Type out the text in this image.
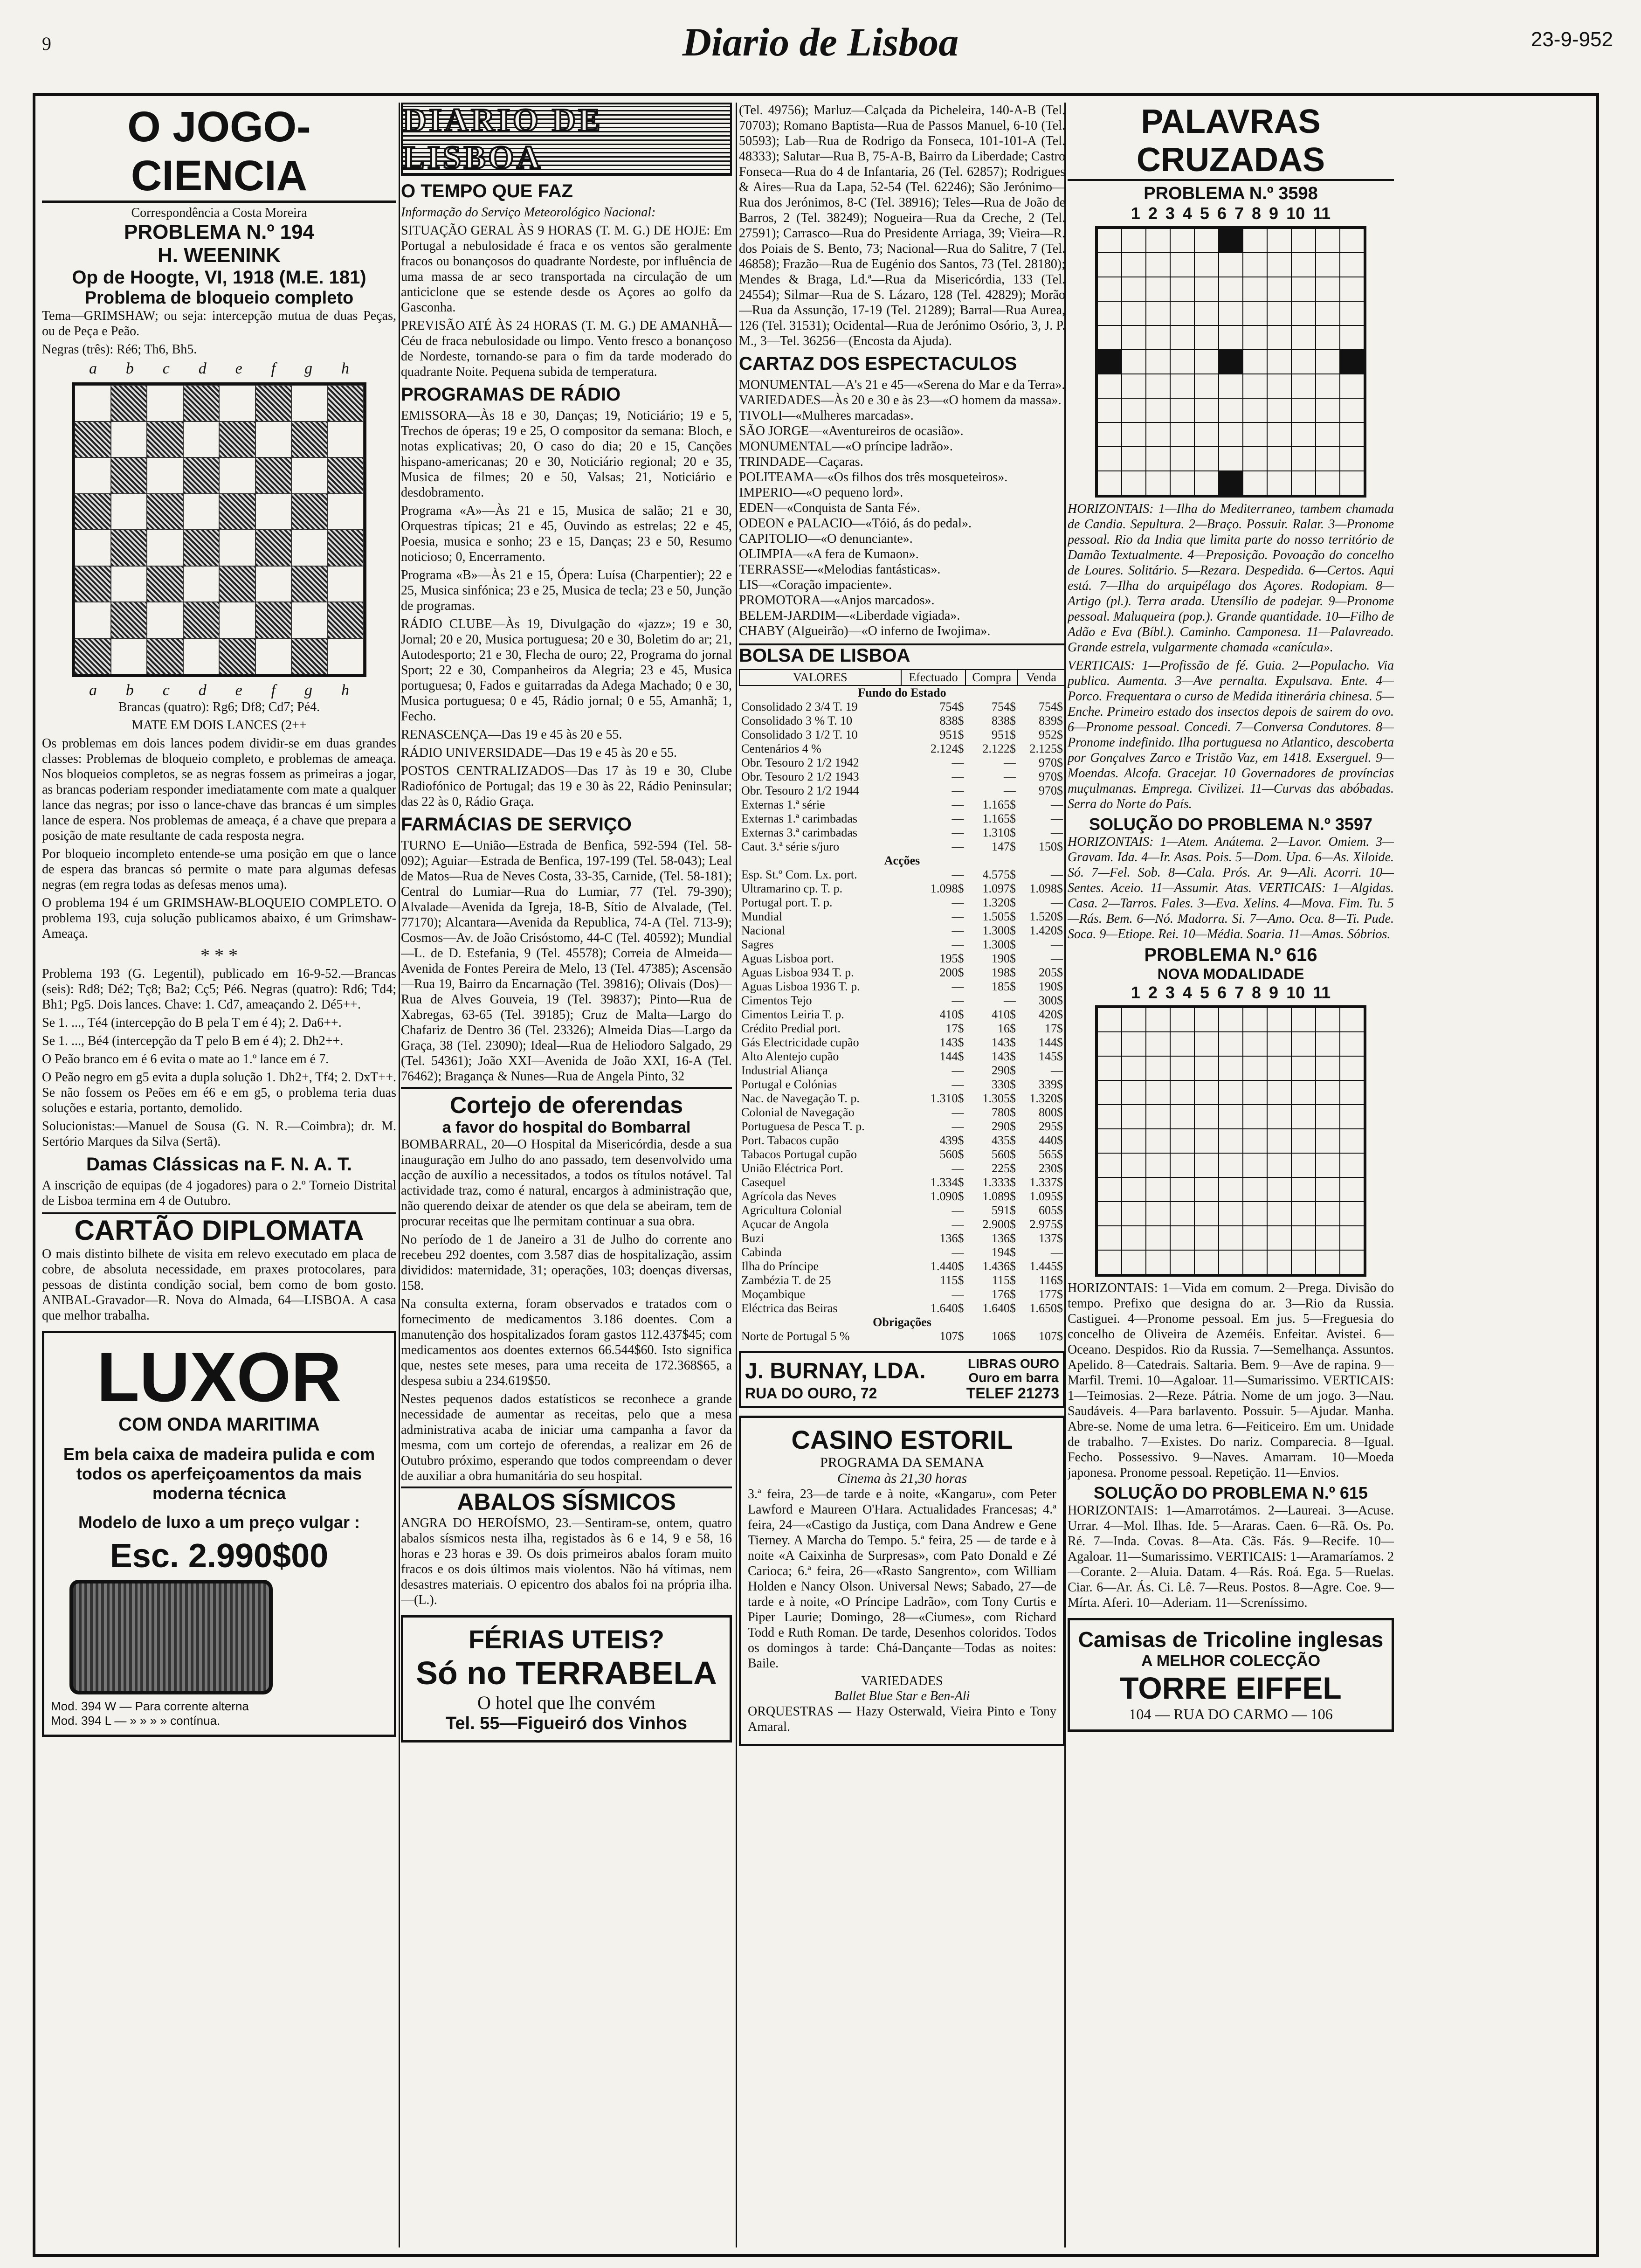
9	Diario de Lisboa	23-9-952
O JOGO-CIENCIA
Correspondência a Costa Moreira
PROBLEMA N.º 194
H. WEENINK
Op de Hoogte, VI, 1918 (M.E. 181)
Problema de bloqueio completo

Tema—GRIMSHAW; ou seja: intercepção mutua de duas Peças, ou de Peça e Peão.

Negras (três): Ré6; Th6, Bh5.

a b c d e f g h
a b c d e f g h

Brancas (quatro): Rg6; Df8; Cd7; Pé4.

MATE EM DOIS LANCES (2++

Os problemas em dois lances podem dividir-se em duas grandes classes: Problemas de bloqueio completo, e problemas de ameaça. Nos bloqueios completos, se as negras fossem as primeiras a jogar, as brancas poderiam responder imediatamente com mate a qualquer lance das negras; por isso o lance-chave das brancas é um simples lance de espera. Nos problemas de ameaça, é a chave que prepara a posição de mate resultante de cada resposta negra.

Por bloqueio incompleto entende-se uma posição em que o lance de espera das brancas só permite o mate para algumas defesas negras (em regra todas as defesas menos uma).

O problema 194 é um GRIMSHAW-BLOQUEIO COMPLETO. O problema 193, cuja solução publicamos abaixo, é um Grimshaw-Ameaça.

* * *

Problema 193 (G. Legentil), publicado em 16-9-52.—Brancas (seis): Rd8; Dé2; Tç8; Ba2; Cç5; Pé6. Negras (quatro): Rd6; Td4; Bh1; Pg5. Dois lances. Chave: 1. Cd7, ameaçando 2. Dé5++.

Se 1. ..., Té4 (intercepção do B pela T em é 4); 2. Da6++.

Se 1. ..., Bé4 (intercepção da T pelo B em é 4); 2. Dh2++.

O Peão branco em é 6 evita o mate ao 1.º lance em é 7.

O Peão negro em g5 evita a dupla solução 1. Dh2+, Tf4; 2. DxT++. Se não fossem os Peões em é6 e em g5, o problema teria duas soluções e estaria, portanto, demolido.

Solucionistas:—Manuel de Sousa (G. N. R.—Coimbra); dr. M. Sertório Marques da Silva (Sertã).

Damas Clássicas na F. N. A. T.

A inscrição de equipas (de 4 jogadores) para o 2.º Torneio Distrital de Lisboa termina em 4 de Outubro.

CARTÃO DIPLOMATA

O mais distinto bilhete de visita em relevo executado em placa de cobre, de absoluta necessidade, em praxes protocolares, para pessoas de distinta condição social, bem como de bom gosto. ANIBAL-Gravador—R. Nova do Almada, 64—LISBOA. A casa que melhor trabalha.

LUXOR
COM ONDA MARITIMA
Em bela caixa de madeira pulida e com todos os aperfeiçoamentos da mais moderna técnica
Modelo de luxo a um preço vulgar :
Esc. 2.990$00
Mod. 394 W — Para corrente alterna
Mod. 394 L — » » » » contínua.
DIARIO DE LISBOA
O TEMPO QUE FAZ

Informação do Serviço Meteorológico Nacional:

SITUAÇÃO GERAL ÀS 9 HORAS (T. M. G.) DE HOJE: Em Portugal a nebulosidade é fraca e os ventos são geralmente fracos ou bonançosos do quadrante Nordeste, por influência de uma massa de ar seco transportada na circulação de um anticiclone que se estende desde os Açores ao golfo da Gasconha.

PREVISÃO ATÉ ÀS 24 HORAS (T. M. G.) DE AMANHÃ—Céu de fraca nebulosidade ou limpo. Vento fresco a bonançoso de Nordeste, tornando-se para o fim da tarde moderado do quadrante Noite. Pequena subida de temperatura.

PROGRAMAS DE RÁDIO

EMISSORA—Às 18 e 30, Danças; 19, Noticiário; 19 e 5, Trechos de óperas; 19 e 25, O compositor da semana: Bloch, e notas explicativas; 20, O caso do dia; 20 e 15, Canções hispano-americanas; 20 e 30, Noticiário regional; 20 e 35, Musica de filmes; 20 e 50, Valsas; 21, Noticiário e desdobramento.

Programa «A»—Às 21 e 15, Musica de salão; 21 e 30, Orquestras típicas; 21 e 45, Ouvindo as estrelas; 22 e 45, Poesia, musica e sonho; 23 e 15, Danças; 23 e 50, Resumo noticioso; 0, Encerramento.

Programa «B»—Às 21 e 15, Ópera: Luísa (Charpentier); 22 e 25, Musica sinfónica; 23 e 25, Musica de tecla; 23 e 50, Junção de programas.

RÁDIO CLUBE—Às 19, Divulgação do «jazz»; 19 e 30, Jornal; 20 e 20, Musica portuguesa; 20 e 30, Boletim do ar; 21, Autodesporto; 21 e 30, Flecha de ouro; 22, Programa do jornal Sport; 22 e 30, Companheiros da Alegria; 23 e 45, Musica portuguesa; 0, Fados e guitarradas da Adega Machado; 0 e 30, Musica portuguesa; 0 e 45, Rádio jornal; 0 e 55, Amanhã; 1, Fecho.

RENASCENÇA—Das 19 e 45 às 20 e 55.

RÁDIO UNIVERSIDADE—Das 19 e 45 às 20 e 55.

POSTOS CENTRALIZADOS—Das 17 às 19 e 30, Clube Radiofónico de Portugal; das 19 e 30 às 22, Rádio Peninsular; das 22 às 0, Rádio Graça.

FARMÁCIAS DE SERVIÇO

TURNO E—União—Estrada de Benfica, 592-594 (Tel. 58-092); Aguiar—Estrada de Benfica, 197-199 (Tel. 58-043); Leal de Matos—Rua de Neves Costa, 33-35, Carnide, (Tel. 58-181); Central do Lumiar—Rua do Lumiar, 77 (Tel. 79-390); Alvalade—Avenida da Igreja, 18-B, Sítio de Alvalade, (Tel. 77170); Alcantara—Avenida da Republica, 74-A (Tel. 713-9); Cosmos—Av. de João Crisóstomo, 44-C (Tel. 40592); Mundial—L. de D. Estefania, 9 (Tel. 45578); Correia de Almeida—Avenida de Fontes Pereira de Melo, 13 (Tel. 47385); Ascensão—Rua 19, Bairro da Encarnação (Tel. 39816); Olivais (Dos)—Rua de Alves Gouveia, 19 (Tel. 39837); Pinto—Rua de Xabregas, 63-65 (Tel. 39185); Cruz de Malta—Largo do Chafariz de Dentro 36 (Tel. 23326); Almeida Dias—Largo da Graça, 38 (Tel. 23090); Ideal—Rua de Heliodoro Salgado, 29 (Tel. 54361); João XXI—Avenida de João XXI, 16-A (Tel. 76462); Bragança & Nunes—Rua de Angela Pinto, 32

Cortejo de oferendas
a favor do hospital do Bombarral

BOMBARRAL, 20—O Hospital da Misericórdia, desde a sua inauguração em Julho do ano passado, tem desenvolvido uma acção de auxílio a necessitados, a todos os títulos notável. Tal actividade traz, como é natural, encargos à administração que, não querendo deixar de atender os que dela se abeiram, tem de procurar receitas que lhe permitam continuar a sua obra.

No período de 1 de Janeiro a 31 de Julho do corrente ano recebeu 292 doentes, com 3.587 dias de hospitalização, assim divididos: maternidade, 31; operações, 103; doenças diversas, 158.

Na consulta externa, foram observados e tratados com o fornecimento de medicamentos 3.186 doentes. Com a manutenção dos hospitalizados foram gastos 112.437$45; com medicamentos aos doentes externos 66.544$60. Isto significa que, nestes sete meses, para uma receita de 172.368$65, a despesa subiu a 234.619$50.

Nestes pequenos dados estatísticos se reconhece a grande necessidade de aumentar as receitas, pelo que a mesa administrativa acaba de iniciar uma campanha a favor da mesma, com um cortejo de oferendas, a realizar em 26 de Outubro próximo, esperando que todos compreendam o dever de auxiliar a obra humanitária do seu hospital.

ABALOS SÍSMICOS

ANGRA DO HEROÍSMO, 23.—Sentiram-se, ontem, quatro abalos sísmicos nesta ilha, registados às 6 e 14, 9 e 58, 16 horas e 23 horas e 39. Os dois primeiros abalos foram muito fracos e os dois últimos mais violentos. Não há vítimas, nem desastres materiais. O epicentro dos abalos foi na própria ilha.—(L.).

FÉRIAS UTEIS?
Só no TERRABELA
O hotel que lhe convém
Tel. 55—Figueiró dos Vinhos

(Tel. 49756); Marluz—Calçada da Picheleira, 140-A-B (Tel. 70703); Romano Baptista—Rua de Passos Manuel, 6-10 (Tel. 50593); Lab—Rua de Rodrigo da Fonseca, 101-101-A (Tel. 48333); Salutar—Rua B, 75-A-B, Bairro da Liberdade; Castro Fonseca—Rua do 4 de Infantaria, 26 (Tel. 62857); Rodrigues & Aires—Rua da Lapa, 52-54 (Tel. 62246); São Jerónimo—Rua dos Jerónimos, 8-C (Tel. 38916); Teles—Rua de João de Barros, 2 (Tel. 38249); Nogueira—Rua da Creche, 2 (Tel. 27591); Carrasco—Rua do Presidente Arriaga, 39; Vieira—R. dos Poiais de S. Bento, 73; Nacional—Rua do Salitre, 7 (Tel. 46858); Frazão—Rua de Eugénio dos Santos, 73 (Tel. 28180); Mendes & Braga, Ld.ª—Rua da Misericórdia, 133 (Tel. 24554); Silmar—Rua de S. Lázaro, 128 (Tel. 42829); Morão—Rua da Assunção, 17-19 (Tel. 21289); Barral—Rua Aurea, 126 (Tel. 31531); Ocidental—Rua de Jerónimo Osório, 3, J. P. M., 3—Tel. 36256—(Encosta da Ajuda).

CARTAZ DOS ESPECTACULOS
MONUMENTAL—A's 21 e 45—«Serena do Mar e da Terra».
VARIEDADES—Às 20 e 30 e às 23—«O homem da massa».
TIVOLI—«Mulheres marcadas».
SÃO JORGE—«Aventureiros de ocasião».
MONUMENTAL—«O príncipe ladrão».
TRINDADE—Caçaras.
POLITEAMA—«Os filhos dos três mosqueteiros».
IMPERIO—«O pequeno lord».
EDEN—«Conquista de Santa Fé».
ODEON e PALACIO—«Tóió, ás do pedal».
CAPITOLIO—«O denunciante».
OLIMPIA—«A fera de Kumaon».
TERRASSE—«Melodias fantásticas».
LIS—«Coração impaciente».
PROMOTORA—«Anjos marcados».
BELEM-JARDIM—«Liberdade vigiada».
CHABY (Algueirão)—«O inferno de Iwojima».
BOLSA DE LISBOA
VALORES	Efectuado	Compra	Venda
Fundo do Estado			
Consolidado 2 3/4 T. 19	754$	754$	754$
Consolidado 3 % T. 10	838$	838$	839$
Consolidado 3 1/2 T. 10	951$	951$	952$
Centenários 4 %	2.124$	2.122$	2.125$
Obr. Tesouro 2 1/2 1942	—	—	970$
Obr. Tesouro 2 1/2 1943	—	—	970$
Obr. Tesouro 2 1/2 1944	—	—	970$
Externas 1.ª série	—	1.165$	—
Externas 1.ª carimbadas	—	1.165$	—
Externas 3.ª carimbadas	—	1.310$	—
Caut. 3.ª série s/juro	—	147$	150$
Acções			
Esp. St.º Com. Lx. port.	—	4.575$	—
Ultramarino cp. T. p.	1.098$	1.097$	1.098$
Portugal port. T. p.	—	1.320$	—
Mundial	—	1.505$	1.520$
Nacional	—	1.300$	1.420$
Sagres	—	1.300$	—
Aguas Lisboa port.	195$	190$	—
Aguas Lisboa 934 T. p.	200$	198$	205$
Aguas Lisboa 1936 T. p.	—	185$	190$
Cimentos Tejo	—	—	300$
Cimentos Leiria T. p.	410$	410$	420$
Crédito Predial port.	17$	16$	17$
Gás Electricidade cupão	143$	143$	144$
Alto Alentejo cupão	144$	143$	145$
Industrial Aliança	—	290$	—
Portugal e Colónias	—	330$	339$
Nac. de Navegação T. p.	1.310$	1.305$	1.320$
Colonial de Navegação	—	780$	800$
Portuguesa de Pesca T. p.	—	290$	295$
Port. Tabacos cupão	439$	435$	440$
Tabacos Portugal cupão	560$	560$	565$
União Eléctrica Port.	—	225$	230$
Casequel	1.334$	1.333$	1.337$
Agrícola das Neves	1.090$	1.089$	1.095$
Agricultura Colonial	—	591$	605$
Açucar de Angola	—	2.900$	2.975$
Buzi	136$	136$	137$
Cabinda	—	194$	—
Ilha do Príncipe	1.440$	1.436$	1.445$
Zambézia T. de 25	115$	115$	116$
Moçambique	—	176$	177$
Eléctrica das Beiras	1.640$	1.640$	1.650$
Obrigações			
Norte de Portugal 5 %	107$	106$	107$
J. BURNAY, LDA.	LIBRAS OURO
Ouro em barra
RUA DO OURO, 72	TELEF 21273
CASINO ESTORIL
PROGRAMA DA SEMANA
Cinema às 21,30 horas

3.ª feira, 23—de tarde e à noite, «Kangaru», com Peter Lawford e Maureen O'Hara. Actualidades Francesas; 4.ª feira, 24—«Castigo da Justiça, com Dana Andrew e Gene Tierney. A Marcha do Tempo. 5.ª feira, 25 — de tarde e à noite «A Caixinha de Surpresas», com Pato Donald e Zé Carioca; 6.ª feira, 26—«Rasto Sangrento», com William Holden e Nancy Olson. Universal News; Sabado, 27—de tarde e à noite, «O Príncipe Ladrão», com Tony Curtis e Piper Laurie; Domingo, 28—«Ciumes», com Richard Todd e Ruth Roman. De tarde, Desenhos coloridos. Todos os domingos à tarde: Chá-Dançante—Todas as noites: Baile.

VARIEDADES
Ballet Blue Star e Ben-Ali

ORQUESTRAS — Hazy Osterwald, Vieira Pinto e Tony Amaral.

PALAVRAS CRUZADAS
PROBLEMA N.º 3598
1 2 3 4 5 6 7 8 9 10 11

HORIZONTAIS: 1—Ilha do Mediterraneo, tambem chamada de Candia. Sepultura. 2—Braço. Possuir. Ralar. 3—Pronome pessoal. Rio da India que limita parte do nosso território de Damão Textualmente. 4—Preposição. Povoação do concelho de Loures. Solitário. 5—Rezara. Despedida. 6—Certos. Aqui está. 7—Ilha do arquipélago dos Açores. Rodopiam. 8—Artigo (pl.). Terra arada. Utensílio de padejar. 9—Pronome pessoal. Maluqueira (pop.). Grande quantidade. 10—Filho de Adão e Eva (Bíbl.). Caminho. Camponesa. 11—Palavreado. Grande estrela, vulgarmente chamada «canícula».

VERTICAIS: 1—Profissão de fé. Guia. 2—Populacho. Via publica. Aumenta. 3—Ave pernalta. Expulsava. Ente. 4—Porco. Frequentara o curso de Medida itinerária chinesa. 5—Enche. Primeiro estado dos insectos depois de sairem do ovo. 6—Pronome pessoal. Concedi. 7—Conversa Condutores. 8—Pronome indefinido. Ilha portuguesa no Atlantico, descoberta por Gonçalves Zarco e Tristão Vaz, em 1418. Exserguel. 9—Moendas. Alcofa. Gracejar. 10 Governadores de províncias muçulmanas. Emprega. Civilizei. 11—Curvas das abóbadas. Serra do Norte do País.

SOLUÇÃO DO PROBLEMA N.º 3597

HORIZONTAIS: 1—Atem. Anátema. 2—Lavor. Omiem. 3—Gravam. Ida. 4—Ir. Asas. Pois. 5—Dom. Upa. 6—As. Xiloide. Só. 7—Fel. Sob. 8—Cala. Prós. Ar. 9—Ali. Acorri. 10—Sentes. Aceio. 11—Assumir. Atas. VERTICAIS: 1—Algidas. Casa. 2—Tarros. Fales. 3—Eva. Xelins. 4—Mova. Fim. Tu. 5—Rás. Bem. 6—Nó. Madorra. Si. 7—Amo. Oca. 8—Ti. Pude. Soca. 9—Etiope. Rei. 10—Média. Soaria. 11—Amas. Sóbrios.

PROBLEMA N.º 616
NOVA MODALIDADE
1 2 3 4 5 6 7 8 9 10 11

HORIZONTAIS: 1—Vida em comum. 2—Prega. Divisão do tempo. Prefixo que designa do ar. 3—Rio da Russia. Castiguei. 4—Pronome pessoal. Em jus. 5—Freguesia do concelho de Oliveira de Azeméis. Enfeitar. Avistei. 6—Oceano. Despidos. Rio da Russia. 7—Semelhança. Assuntos. Apelido. 8—Catedrais. Saltaria. Bem. 9—Ave de rapina. 9—Marfil. Tremi. 10—Agaloar. 11—Sumarissimo. VERTICAIS: 1—Teimosias. 2—Reze. Pátria. Nome de um jogo. 3—Nau. Saudáveis. 4—Para barlavento. Possuir. 5—Ajudar. Manha. Abre-se. Nome de uma letra. 6—Feiticeiro. Em um. Unidade de trabalho. 7—Existes. Do nariz. Comparecia. 8—Igual. Fecho. Possessivo. 9—Naves. Amarram. 10—Moeda japonesa. Pronome pessoal. Repetição. 11—Envios.

SOLUÇÃO DO PROBLEMA N.º 615

HORIZONTAIS: 1—Amarrotámos. 2—Laureai. 3—Acuse. Urrar. 4—Mol. Ilhas. Ide. 5—Araras. Caen. 6—Rã. Os. Po. Ré. 7—Inda. Covas. 8—Ata. Cãs. Fás. 9—Recife. 10—Agaloar. 11—Sumarissimo. VERTICAIS: 1—Aramaríamos. 2—Corante. 2—Aluia. Datam. 4—Rás. Roá. Ega. 5—Ruelas. Ciar. 6—Ar. Ás. Ci. Lê. 7—Reus. Postos. 8—Agre. Coe. 9—Mírta. Aferi. 10—Aderiam. 11—Screníssimo.

Camisas de Tricoline inglesas
A MELHOR COLECÇÃO
TORRE EIFFEL
104 — RUA DO CARMO — 106
